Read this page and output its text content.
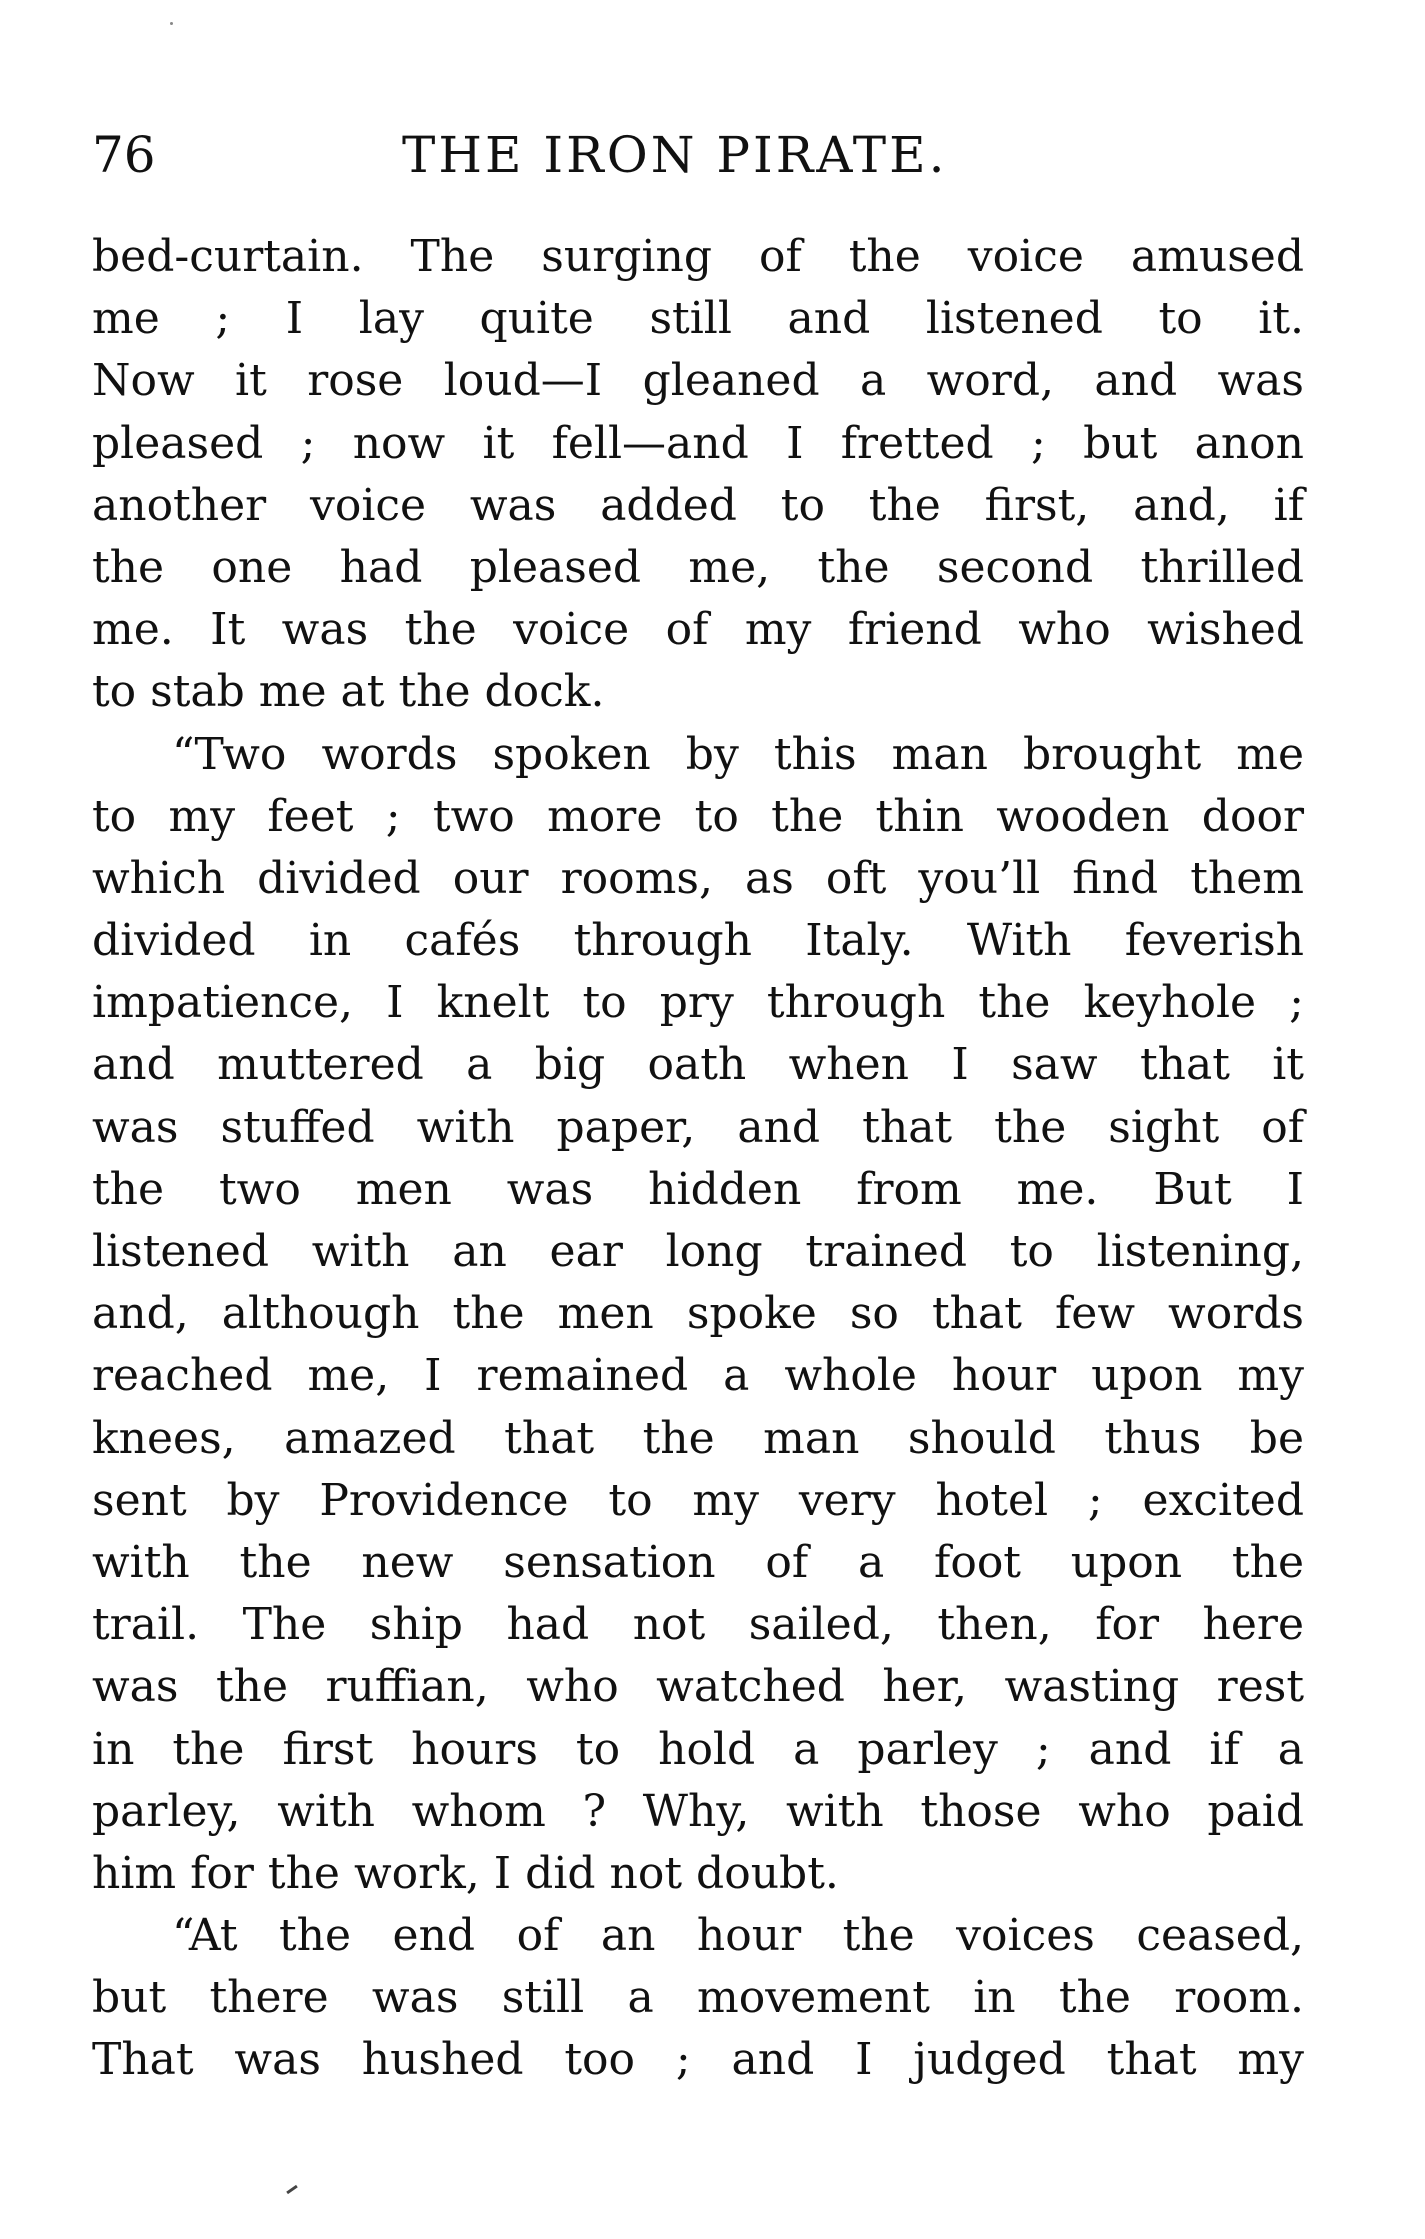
76	THE IRON PIRATE.
bed-curtain. The surging of the voice amused
me ; I lay quite still and listened to it.
Now it rose loud—I gleaned a word, and was
pleased ; now it fell—and I fretted ; but anon
another voice was added to the first, and, if
the one had pleased me, the second thrilled
me. It was the voice of my friend who wished
to stab me at the dock.
“Two words spoken by this man brought me
to my feet ; two more to the thin wooden door
which divided our rooms, as oft you’ll find them
divided in cafés through Italy. With feverish
impatience, I knelt to pry through the keyhole ;
and muttered a big oath when I saw that it
was stuffed with paper, and that the sight of
the two men was hidden from me. But I
listened with an ear long trained to listening,
and, although the men spoke so that few words
reached me, I remained a whole hour upon my
knees, amazed that the man should thus be
sent by Providence to my very hotel ; excited
with the new sensation of a foot upon the
trail. The ship had not sailed, then, for here
was the ruffian, who watched her, wasting rest
in the first hours to hold a parley ; and if a
parley, with whom ? Why, with those who paid
him for the work, I did not doubt.
“At the end of an hour the voices ceased,
but there was still a movement in the room.
That was hushed too ; and I judged that my
